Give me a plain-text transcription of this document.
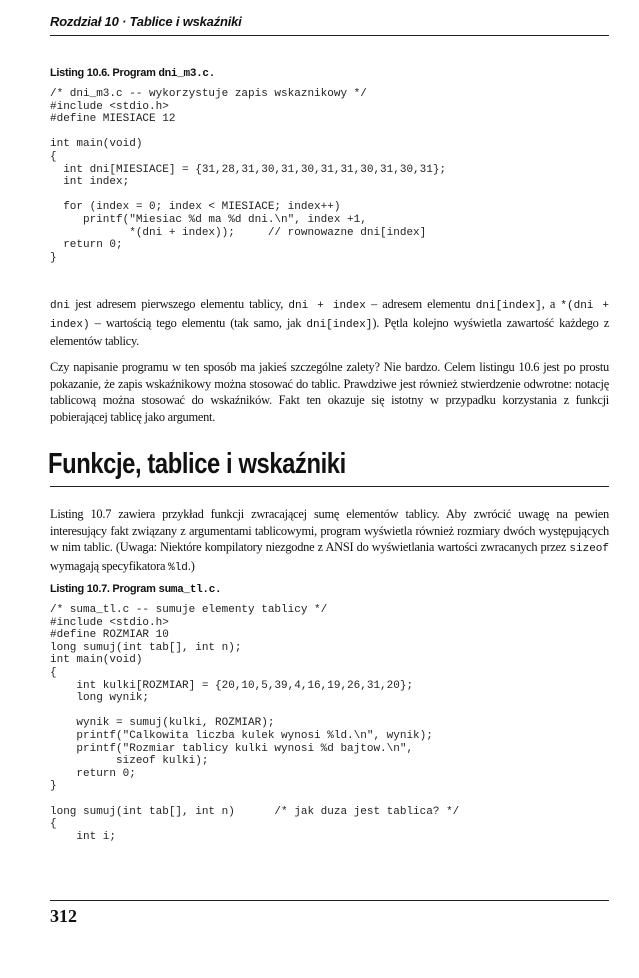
Rozdział 10 · Tablice i wskaźniki
Listing 10.6. Program dni_m3.c.
/* dni_m3.c -- wykorzystuje zapis wskaznikowy */
#include <stdio.h>
#define MIESIACE 12

int main(void)
{
int dni[MIESIACE] = {31,28,31,30,31,30,31,31,30,31,30,31};
int index;

for (index = 0; index < MIESIACE; index++)
printf("Miesiac %d ma %d dni.\n", index +1,
*(dni + index));     // rownowazne dni[index]
return 0;
}

dni jest adresem pierwszego elementu tablicy, dni + index – adresem elementu dni[index], a *(dni + index) – wartością tego elementu (tak samo, jak dni[index]). Pętla kolejno wyświetla zawartość każdego z elementów tablicy.

Czy napisanie programu w ten sposób ma jakieś szczególne zalety? Nie bardzo. Celem listingu 10.6 jest po prostu pokazanie, że zapis wskaźnikowy można stosować do tablic. Prawdziwe jest również stwierdzenie odwrotne: notację tablicową można stosować do wskaźników. Fakt ten okazuje się istotny w przypadku korzystania z funkcji pobierającej tablicę jako argument.

Funkcje, tablice i wskaźniki

Listing 10.7 zawiera przykład funkcji zwracającej sumę elementów tablicy. Aby zwrócić uwagę na pewien interesujący fakt związany z argumentami tablicowymi, program wyświetla również rozmiary dwóch występujących w nim tablic. (Uwaga: Niektóre kompilatory niezgodne z ANSI do wyświetlania wartości zwracanych przez sizeof wymagają specyfikatora %ld.)

Listing 10.7. Program suma_tl.c.
/* suma_tl.c -- sumuje elementy tablicy */
#include <stdio.h>
#define ROZMIAR 10
long sumuj(int tab[], int n);
int main(void)
{
int kulki[ROZMIAR] = {20,10,5,39,4,16,19,26,31,20};
long wynik;

wynik = sumuj(kulki, ROZMIAR);
printf("Calkowita liczba kulek wynosi %ld.\n", wynik);
printf("Rozmiar tablicy kulki wynosi %d bajtow.\n",
sizeof kulki);
return 0;
}

long sumuj(int tab[], int n)      /* jak duza jest tablica? */
{
int i;
312
